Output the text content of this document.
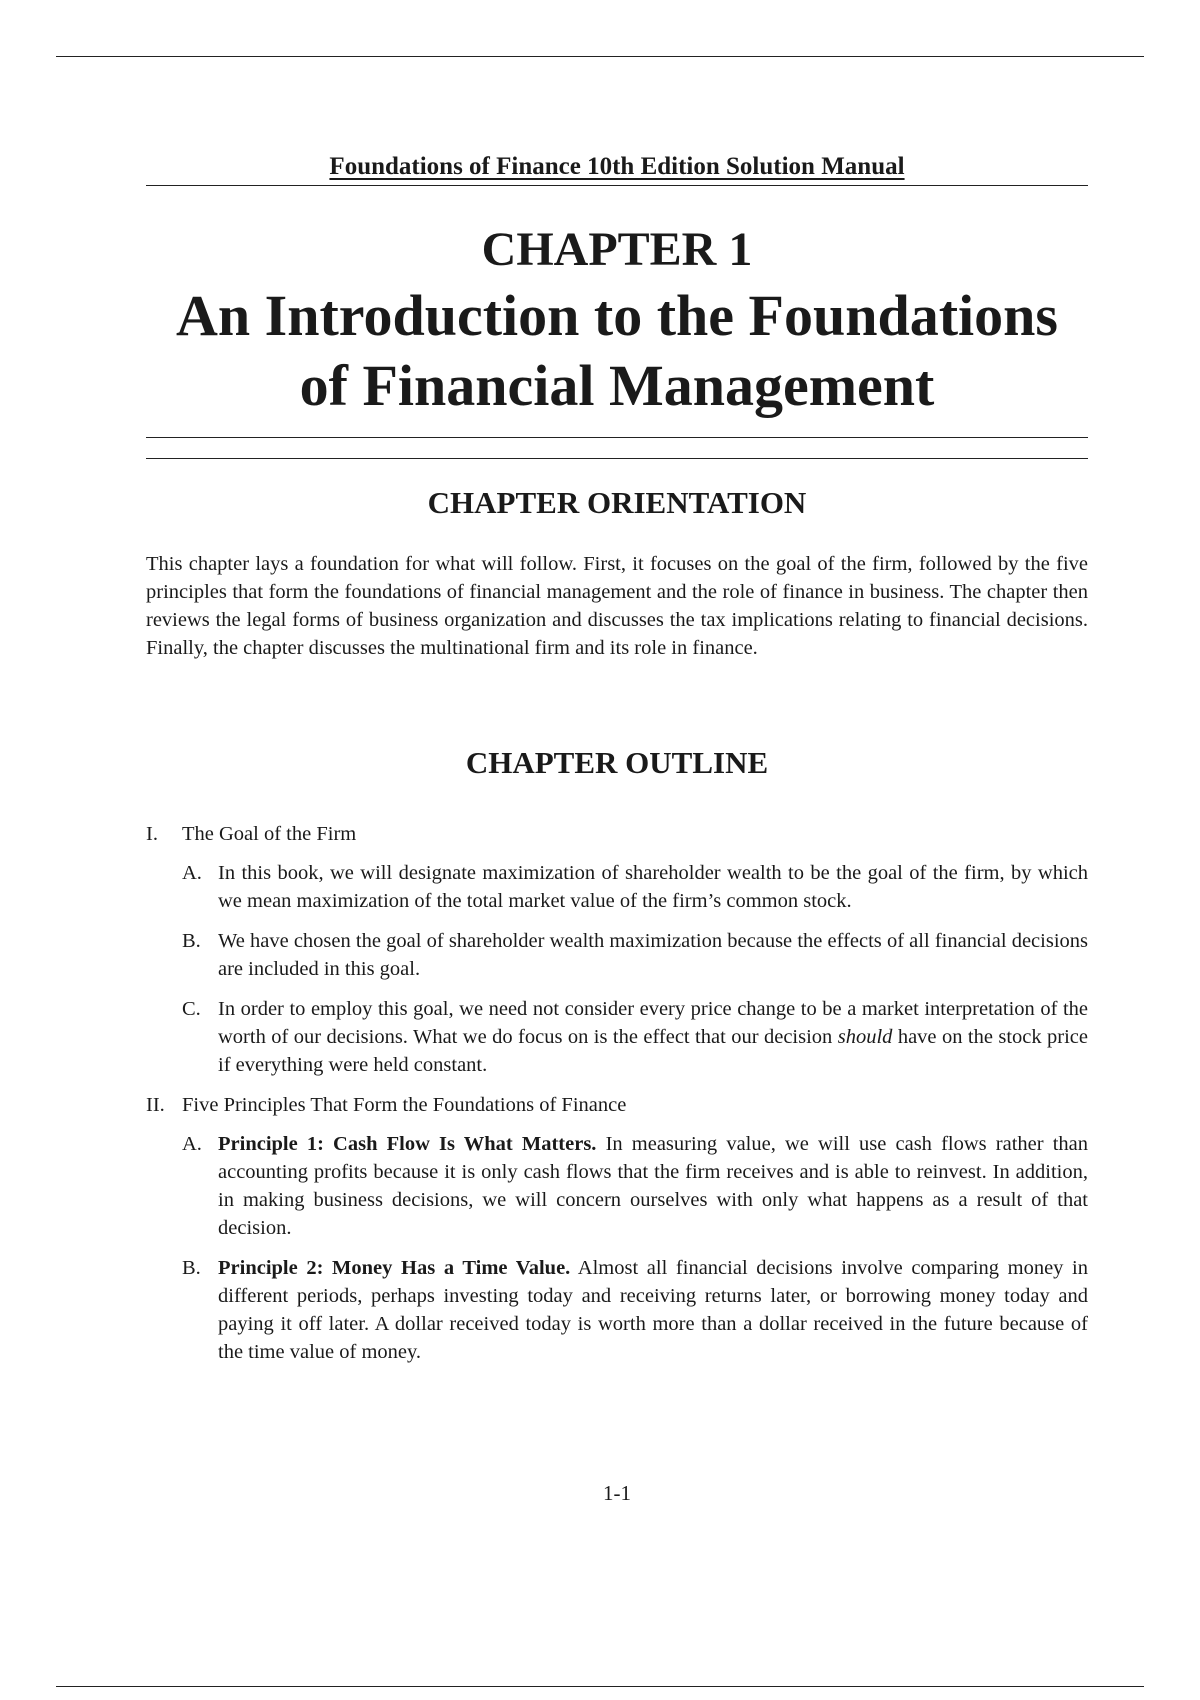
Foundations of Finance 10th Edition Solution Manual
CHAPTER 1
An Introduction to the Foundations
of Financial Management
CHAPTER ORIENTATION

This chapter lays a foundation for what will follow. First, it focuses on the goal of the firm, followed by the five principles that form the foundations of financial management and the role of finance in business. The chapter then reviews the legal forms of business organization and discusses the tax implications relating to financial decisions. Finally, the chapter discusses the multinational firm and its role in finance.

CHAPTER OUTLINE
I.	The Goal of the Firm
A. In this book, we will designate maximization of shareholder wealth to be the goal of the firm, by which we mean maximization of the total market value of the firm’s common stock.
B. We have chosen the goal of shareholder wealth maximization because the effects of all financial decisions are included in this goal.
C. In order to employ this goal, we need not consider every price change to be a market interpretation of the worth of our decisions. What we do focus on is the effect that our decision should have on the stock price if everything were held constant.
II. Five Principles That Form the Foundations of Finance
A. Principle 1: Cash Flow Is What Matters. In measuring value, we will use cash flows rather than accounting profits because it is only cash flows that the firm receives and is able to reinvest. In addition, in making business decisions, we will concern ourselves with only what happens as a result of that decision.
B. Principle 2: Money Has a Time Value. Almost all financial decisions involve comparing money in different periods, perhaps investing today and receiving returns later, or borrowing money today and paying it off later. A dollar received today is worth more than a dollar received in the future because of the time value of money.
1-1
